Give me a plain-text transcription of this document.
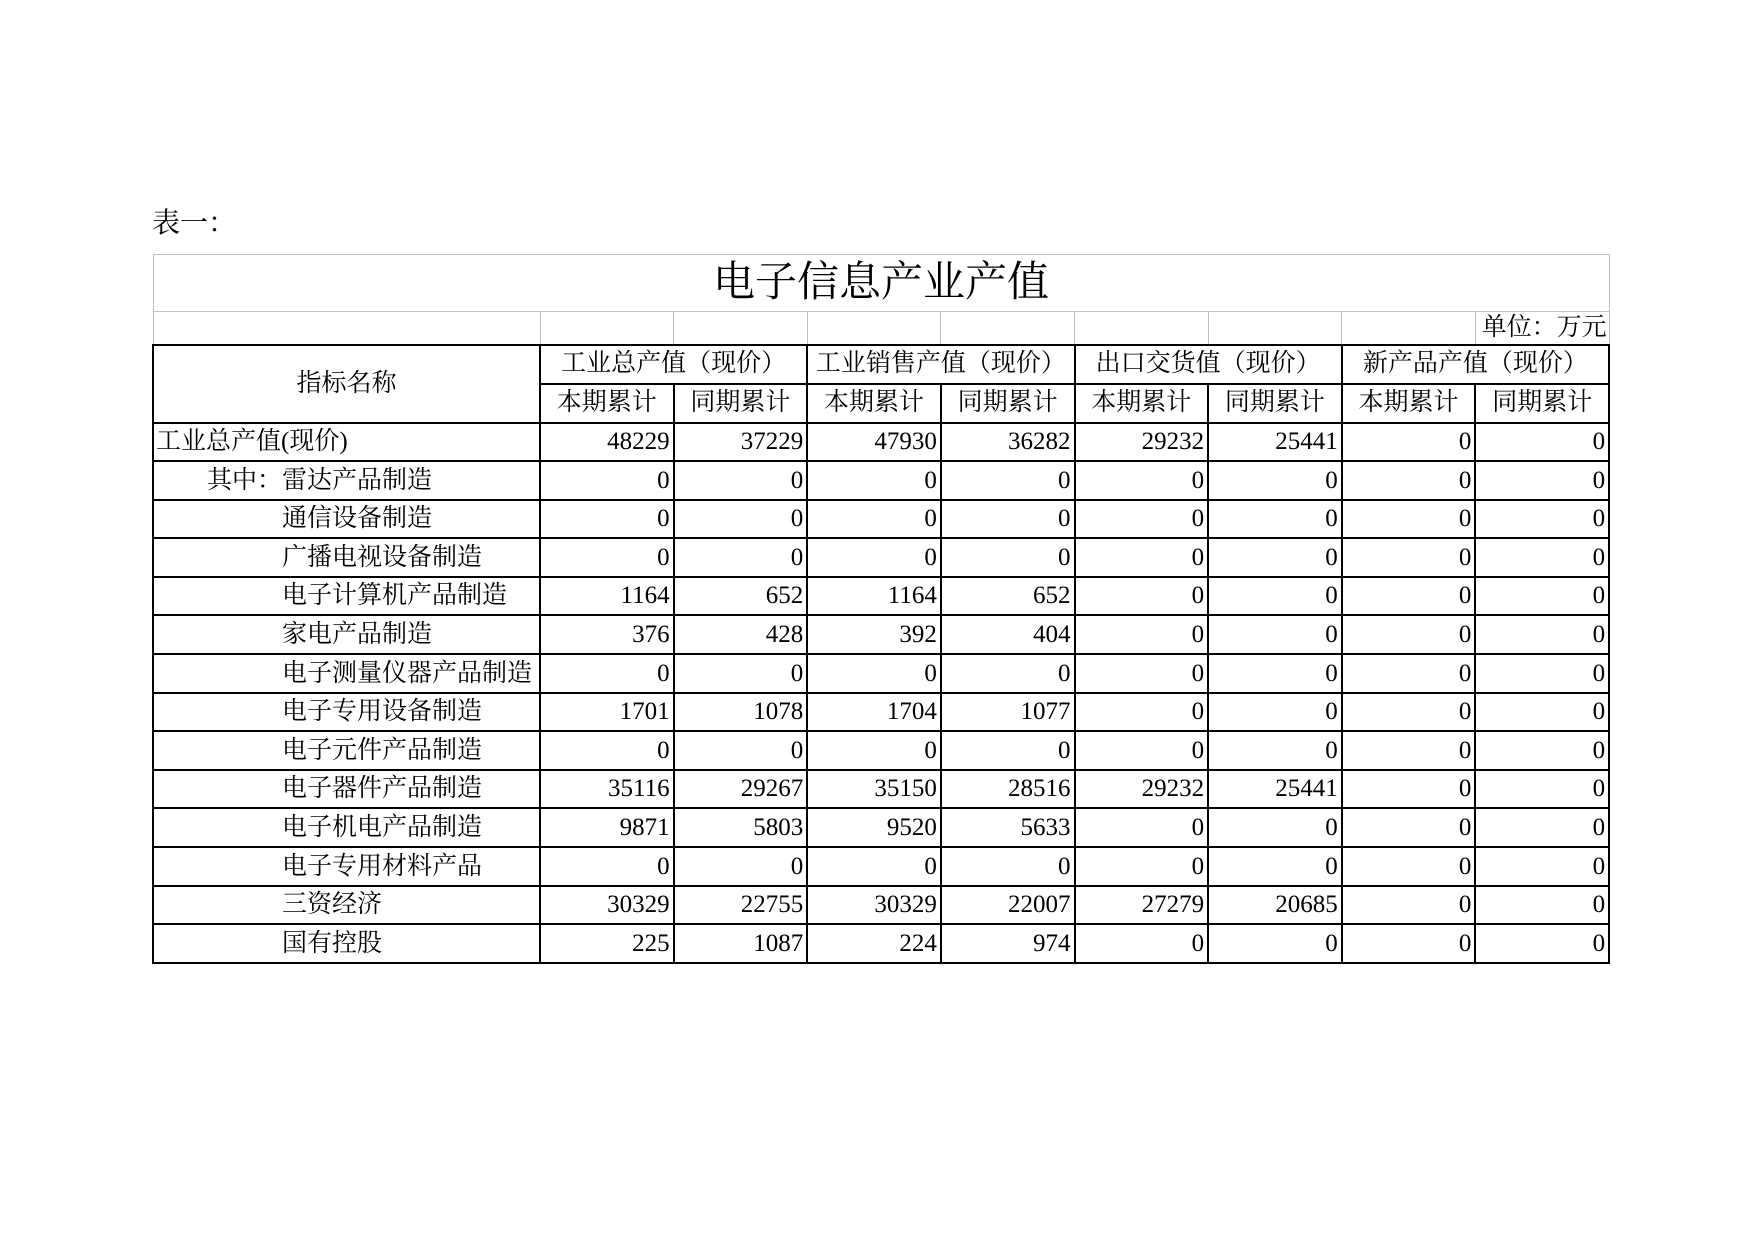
表一：
电子信息产业产值								
								单位：万元
指标名称	工业总产值（现价）		工业销售产值（现价）		出口交货值（现价）		新产品产值（现价）	
	本期累计	同期累计	本期累计	同期累计	本期累计	同期累计	本期累计	同期累计
工业总产值(现价)	48229	37229	47930	36282	29232	25441	0	0
其中：雷达产品制造	0	0	0	0	0	0	0	0
通信设备制造	0	0	0	0	0	0	0	0
广播电视设备制造	0	0	0	0	0	0	0	0
电子计算机产品制造	1164	652	1164	652	0	0	0	0
家电产品制造	376	428	392	404	0	0	0	0
电子测量仪器产品制造	0	0	0	0	0	0	0	0
电子专用设备制造	1701	1078	1704	1077	0	0	0	0
电子元件产品制造	0	0	0	0	0	0	0	0
电子器件产品制造	35116	29267	35150	28516	29232	25441	0	0
电子机电产品制造	9871	5803	9520	5633	0	0	0	0
电子专用材料产品	0	0	0	0	0	0	0	0
三资经济	30329	22755	30329	22007	27279	20685	0	0
国有控股	225	1087	224	974	0	0	0	0
